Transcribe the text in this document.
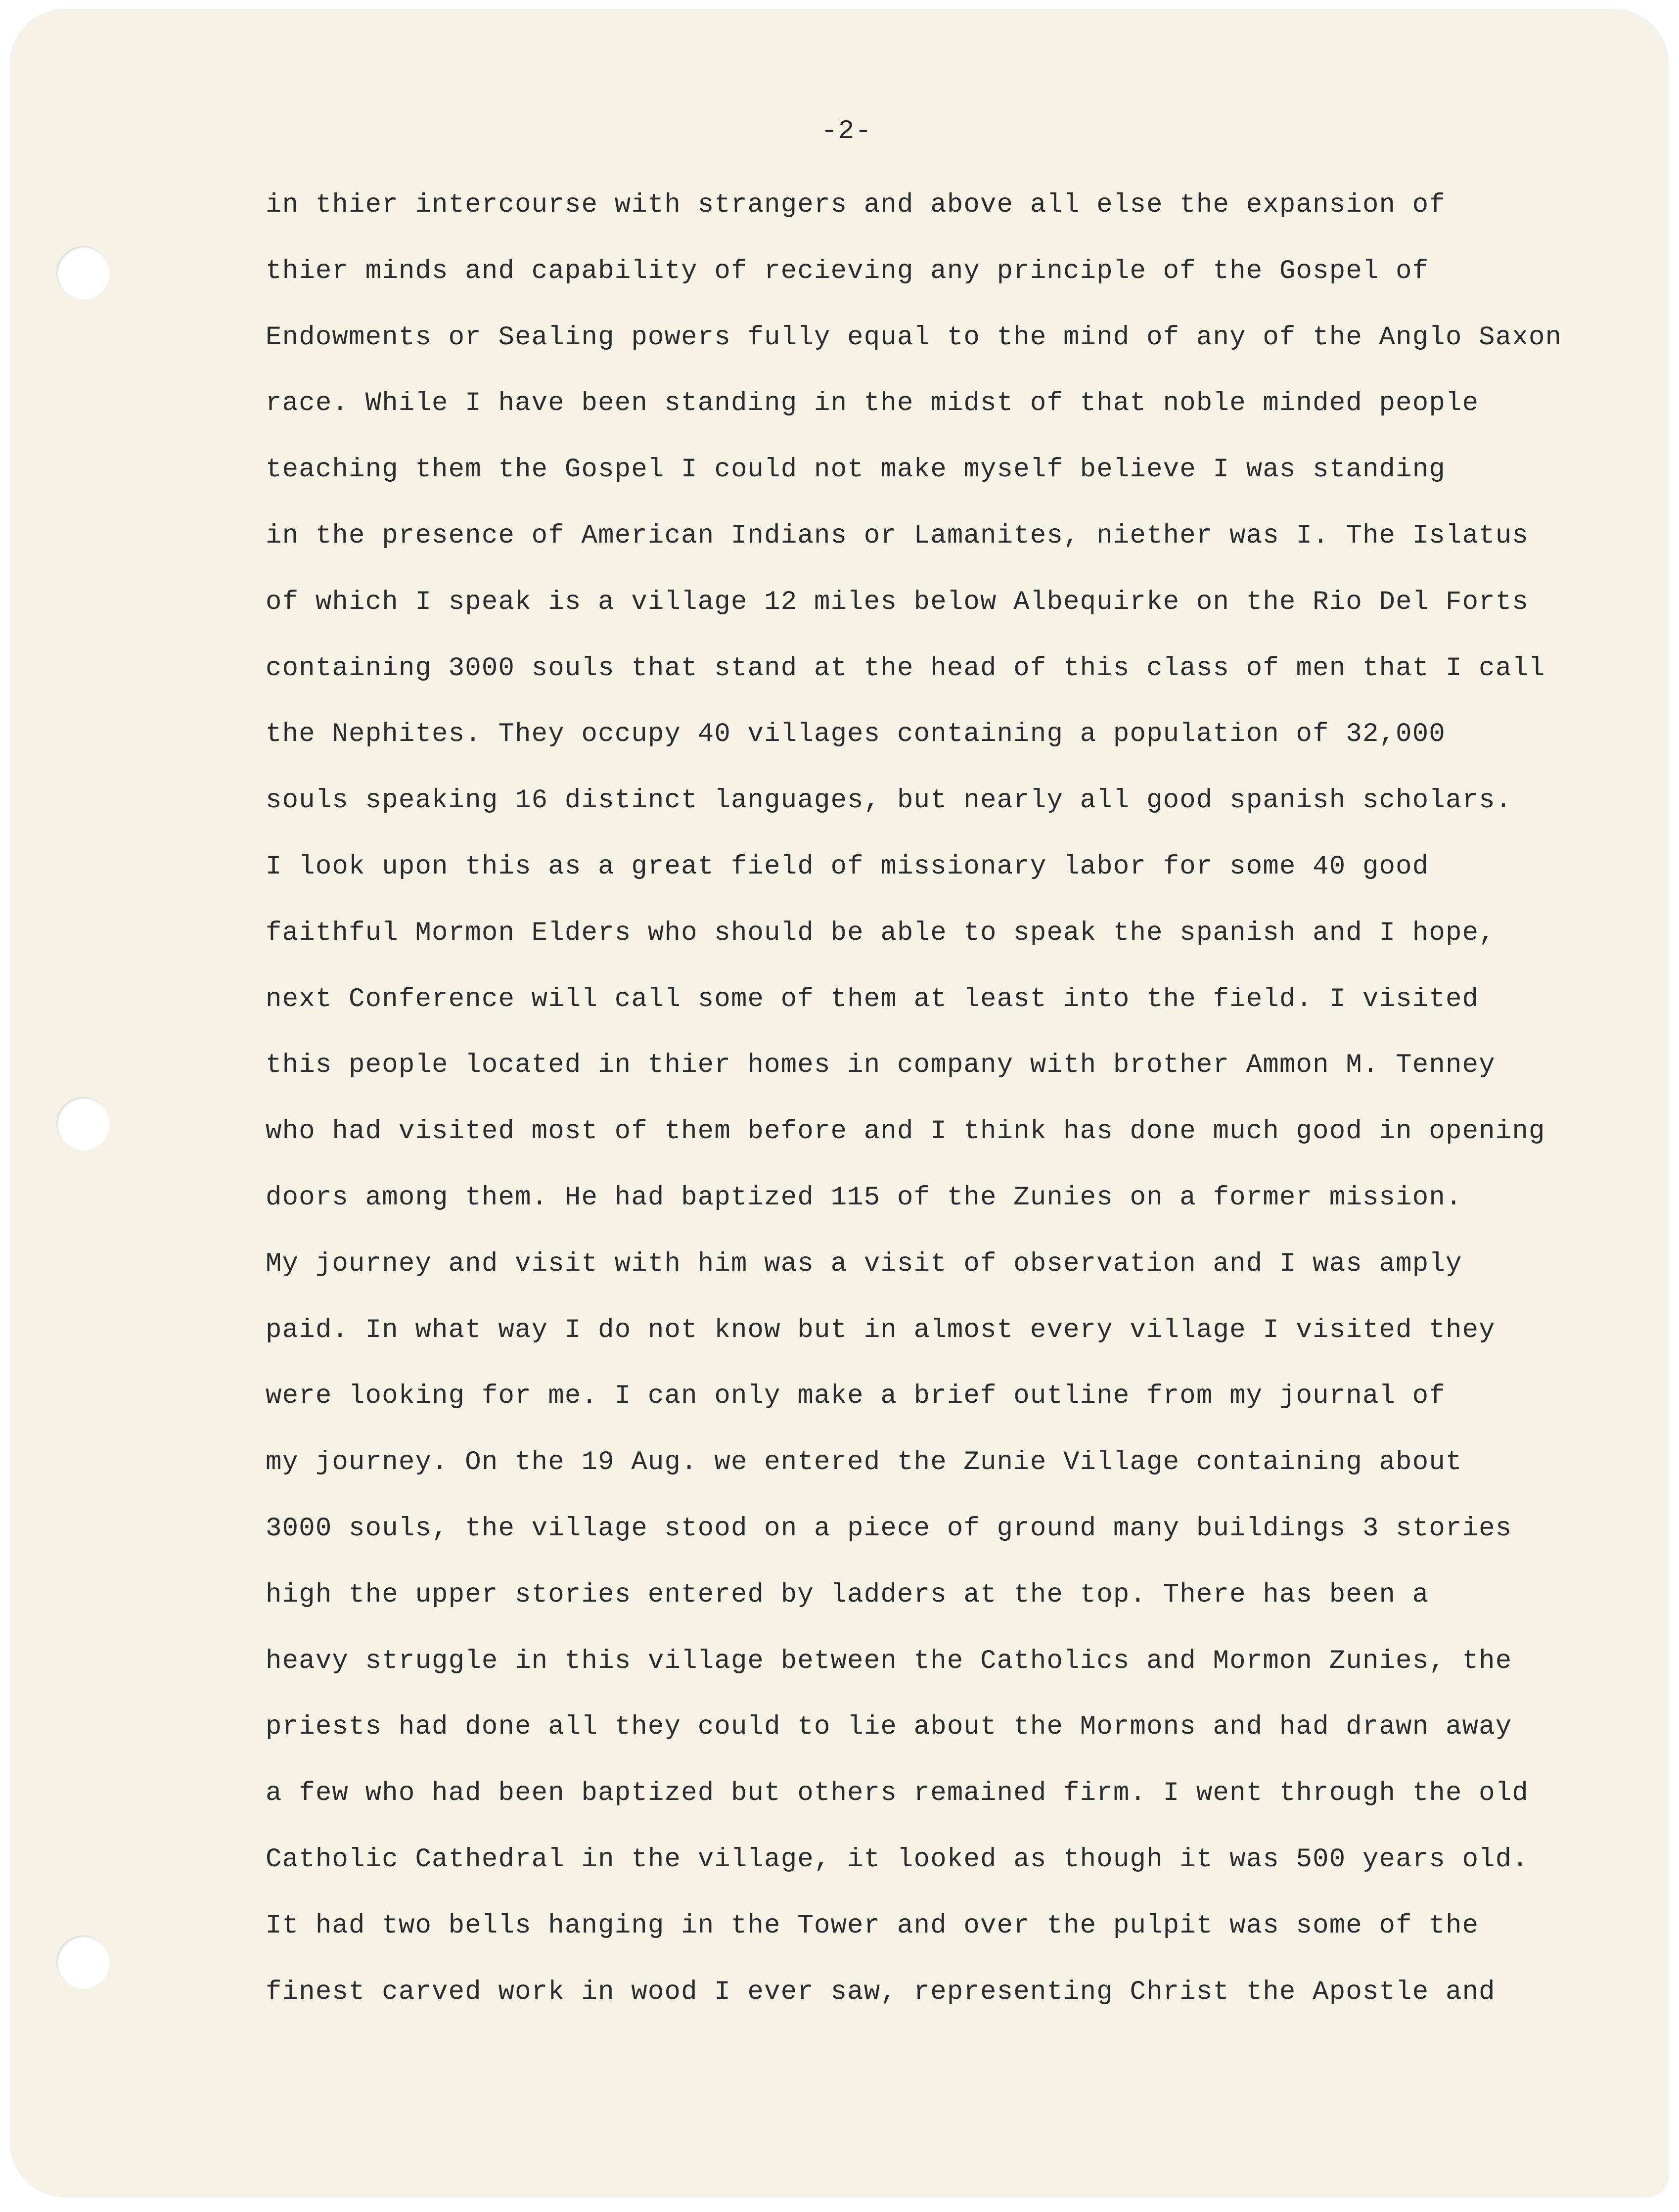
-2-
in thier intercourse with strangers and above all else the expansion of
thier minds and capability of recieving any principle of the Gospel of
Endowments or Sealing powers fully equal to the mind of any of the Anglo Saxon
race. While I have been standing in the midst of that noble minded people
teaching them the Gospel I could not make myself believe I was standing
in the presence of American Indians or Lamanites, niether was I. The Islatus
of which I speak is a village 12 miles below Albequirke on the Rio Del Forts
containing 3000 souls that stand at the head of this class of men that I call
the Nephites. They occupy 40 villages containing a population of 32,000
souls speaking 16 distinct languages, but nearly all good spanish scholars.
I look upon this as a great field of missionary labor for some 40 good
faithful Mormon Elders who should be able to speak the spanish and I hope,
next Conference will call some of them at least into the field. I visited
this people located in thier homes in company with brother Ammon M. Tenney
who had visited most of them before and I think has done much good in opening
doors among them. He had baptized 115 of the Zunies on a former mission.
My journey and visit with him was a visit of observation and I was amply
paid. In what way I do not know but in almost every village I visited they
were looking for me. I can only make a brief outline from my journal of
my journey. On the 19 Aug. we entered the Zunie Village containing about
3000 souls, the village stood on a piece of ground many buildings 3 stories
high the upper stories entered by ladders at the top. There has been a
heavy struggle in this village between the Catholics and Mormon Zunies, the
priests had done all they could to lie about the Mormons and had drawn away
a few who had been baptized but others remained firm. I went through the old
Catholic Cathedral in the village, it looked as though it was 500 years old.
It had two bells hanging in the Tower and over the pulpit was some of the
finest carved work in wood I ever saw, representing Christ the Apostle and
